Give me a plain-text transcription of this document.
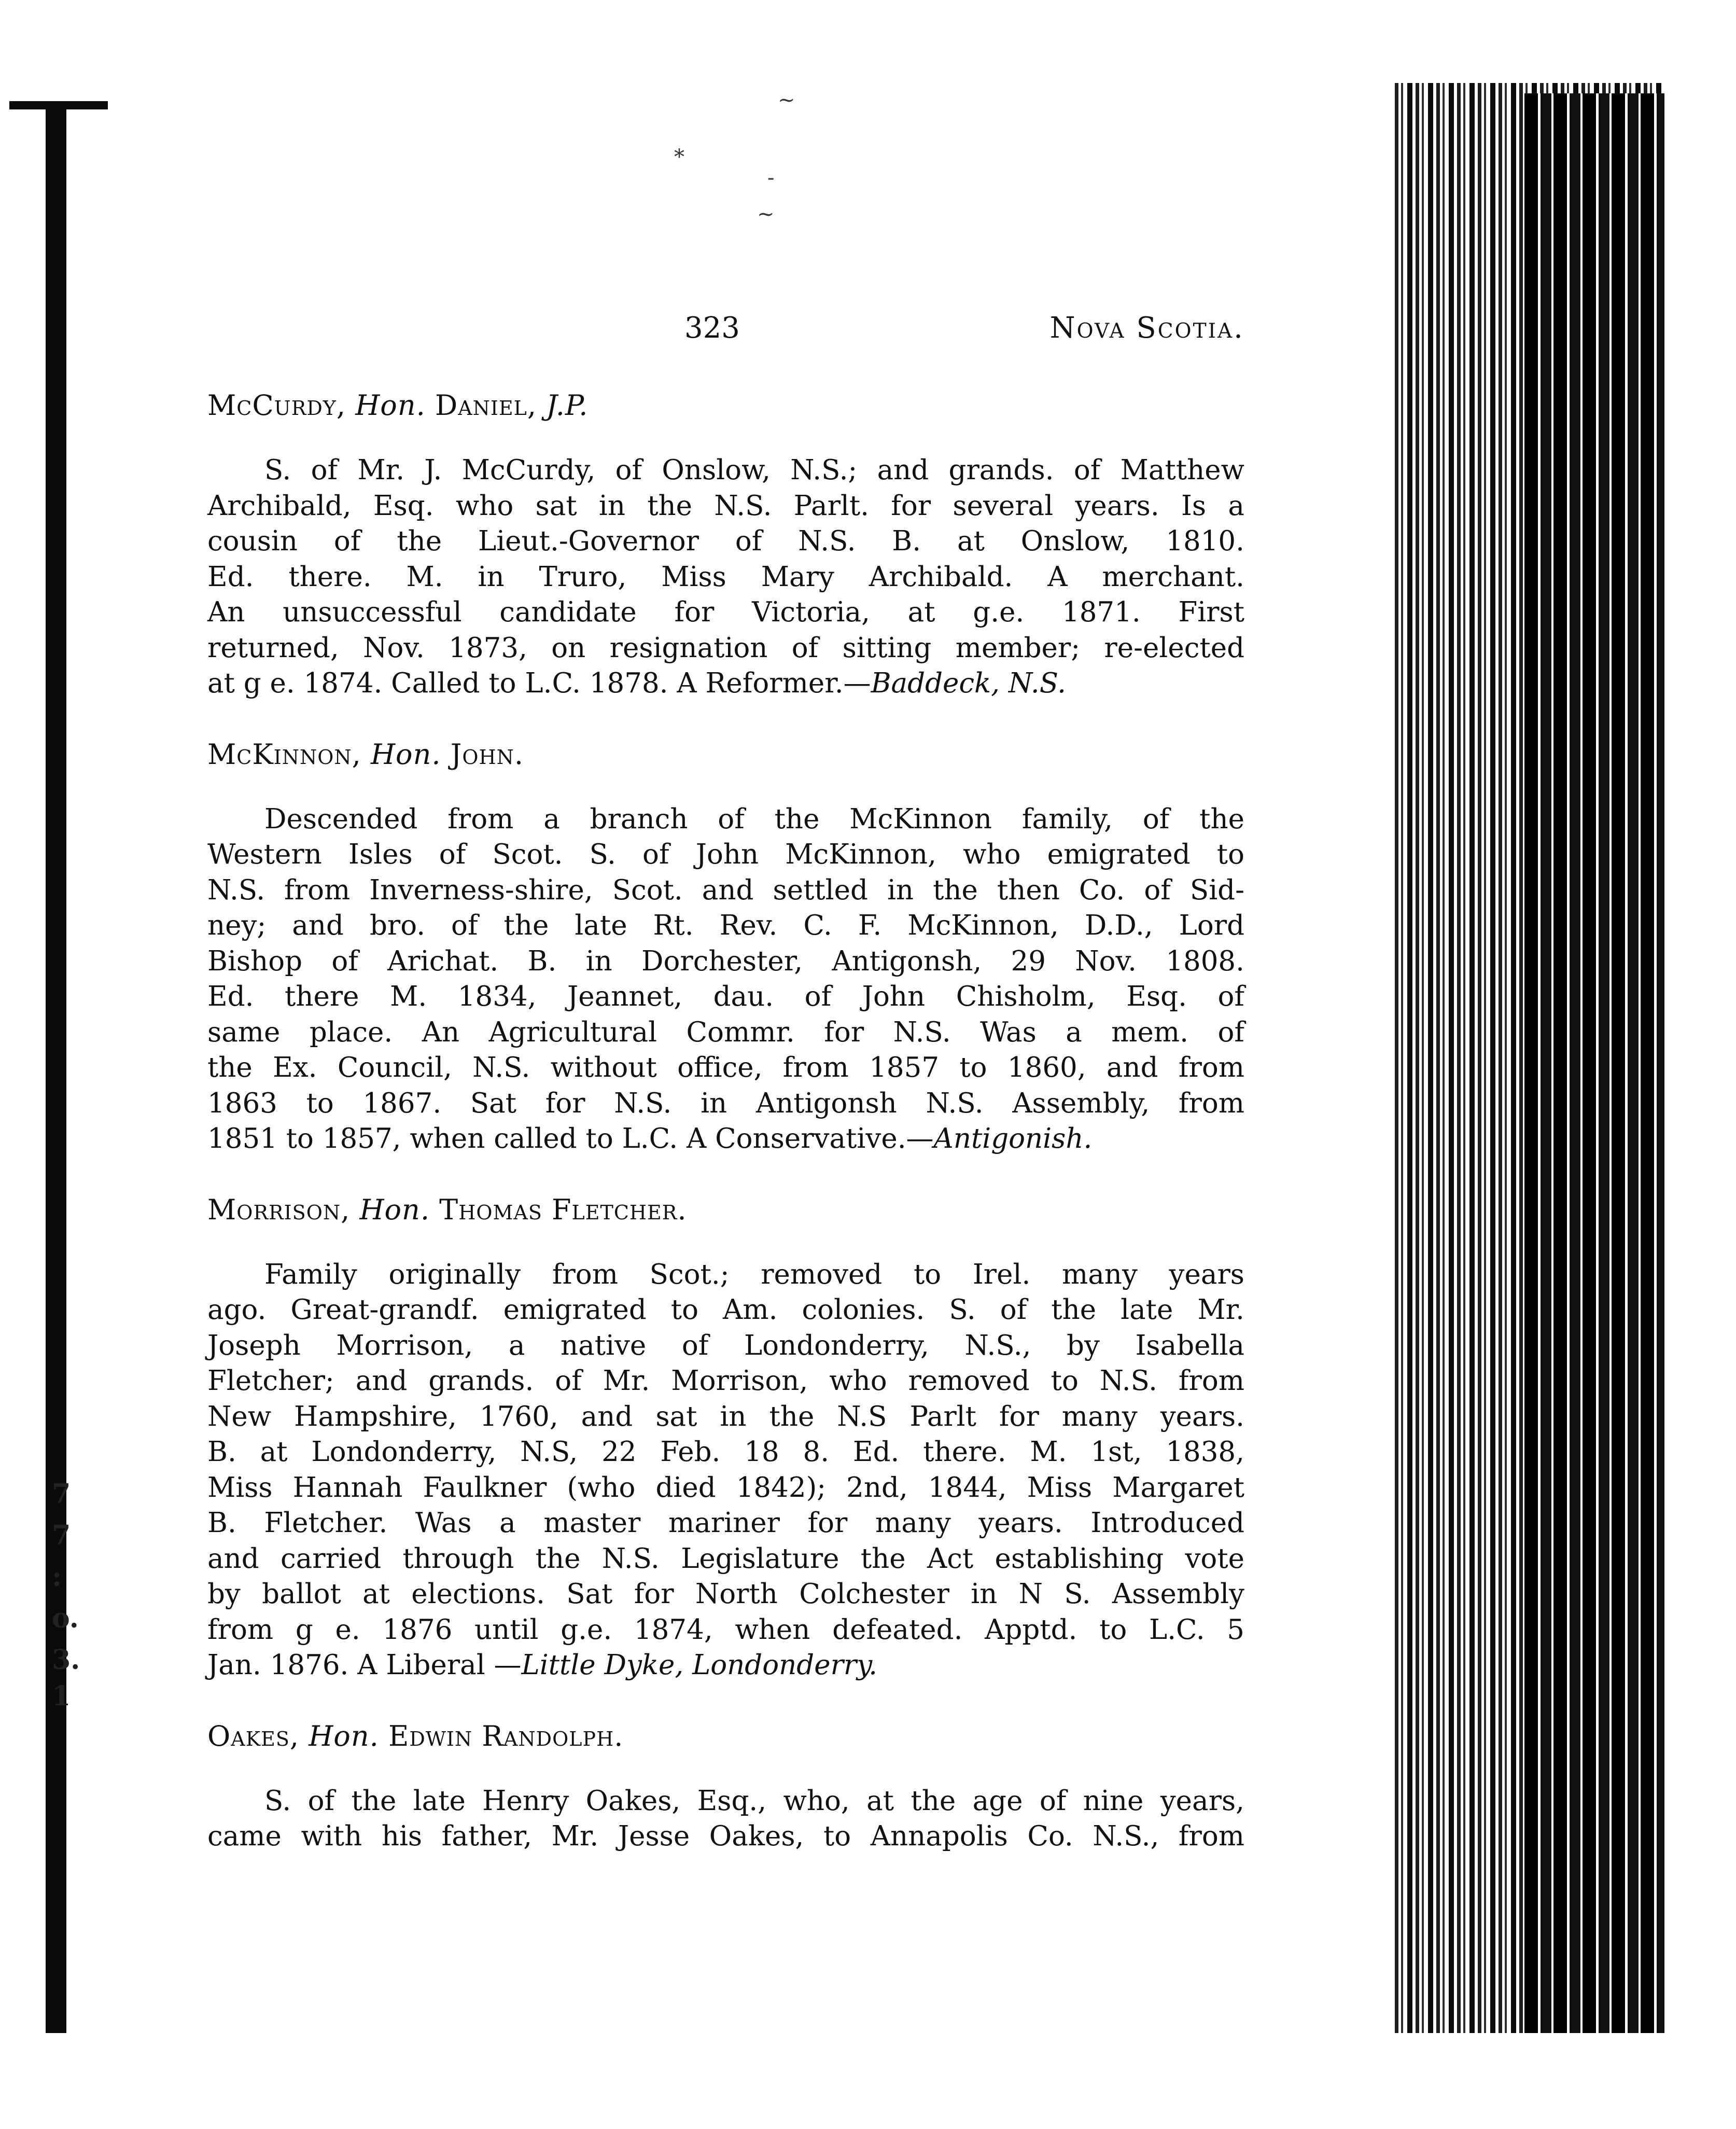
~
*
-
~
7
7
:
o.
3.
1
323	Nova Scotia.

McCurdy, Hon. Daniel, J.P.

S. of Mr. J. McCurdy, of Onslow, N.S.; and grands. of Matthew
Archibald, Esq. who sat in the N.S. Parlt. for several years. Is a
cousin of the Lieut.-Governor of N.S. B. at Onslow, 1810.
Ed. there. M. in Truro, Miss Mary Archibald. A merchant.
An unsuccessful candidate for Victoria, at g.e. 1871. First
returned, Nov. 1873, on resignation of sitting member; re-elected
at g e. 1874. Called to L.C. 1878. A Reformer.—Baddeck, N.S.

McKinnon, Hon. John.

Descended from a branch of the McKinnon family, of the
Western Isles of Scot. S. of John McKinnon, who emigrated to
N.S. from Inverness-shire, Scot. and settled in the then Co. of Sid-
ney; and bro. of the late Rt. Rev. C. F. McKinnon, D.D., Lord
Bishop of Arichat. B. in Dorchester, Antigonsh, 29 Nov. 1808.
Ed. there M. 1834, Jeannet, dau. of John Chisholm, Esq. of
same place. An Agricultural Commr. for N.S. Was a mem. of
the Ex. Council, N.S. without office, from 1857 to 1860, and from
1863 to 1867. Sat for N.S. in Antigonsh N.S. Assembly, from
1851 to 1857, when called to L.C. A Conservative.—Antigonish.

Morrison, Hon. Thomas Fletcher.

Family originally from Scot.; removed to Irel. many years
ago. Great-grandf. emigrated to Am. colonies. S. of the late Mr.
Joseph Morrison, a native of Londonderry, N.S., by Isabella
Fletcher; and grands. of Mr. Morrison, who removed to N.S. from
New Hampshire, 1760, and sat in the N.S Parlt for many years.
B. at Londonderry, N.S, 22 Feb. 18 8. Ed. there. M. 1st, 1838,
Miss Hannah Faulkner (who died 1842); 2nd, 1844, Miss Margaret
B. Fletcher. Was a master mariner for many years. Introduced
and carried through the N.S. Legislature the Act establishing vote
by ballot at elections. Sat for North Colchester in N S. Assembly
from g e. 1876 until g.e. 1874, when defeated. Apptd. to L.C. 5
Jan. 1876. A Liberal —Little Dyke, Londonderry.

Oakes, Hon. Edwin Randolph.

S. of the late Henry Oakes, Esq., who, at the age of nine years,
came with his father, Mr. Jesse Oakes, to Annapolis Co. N.S., from
